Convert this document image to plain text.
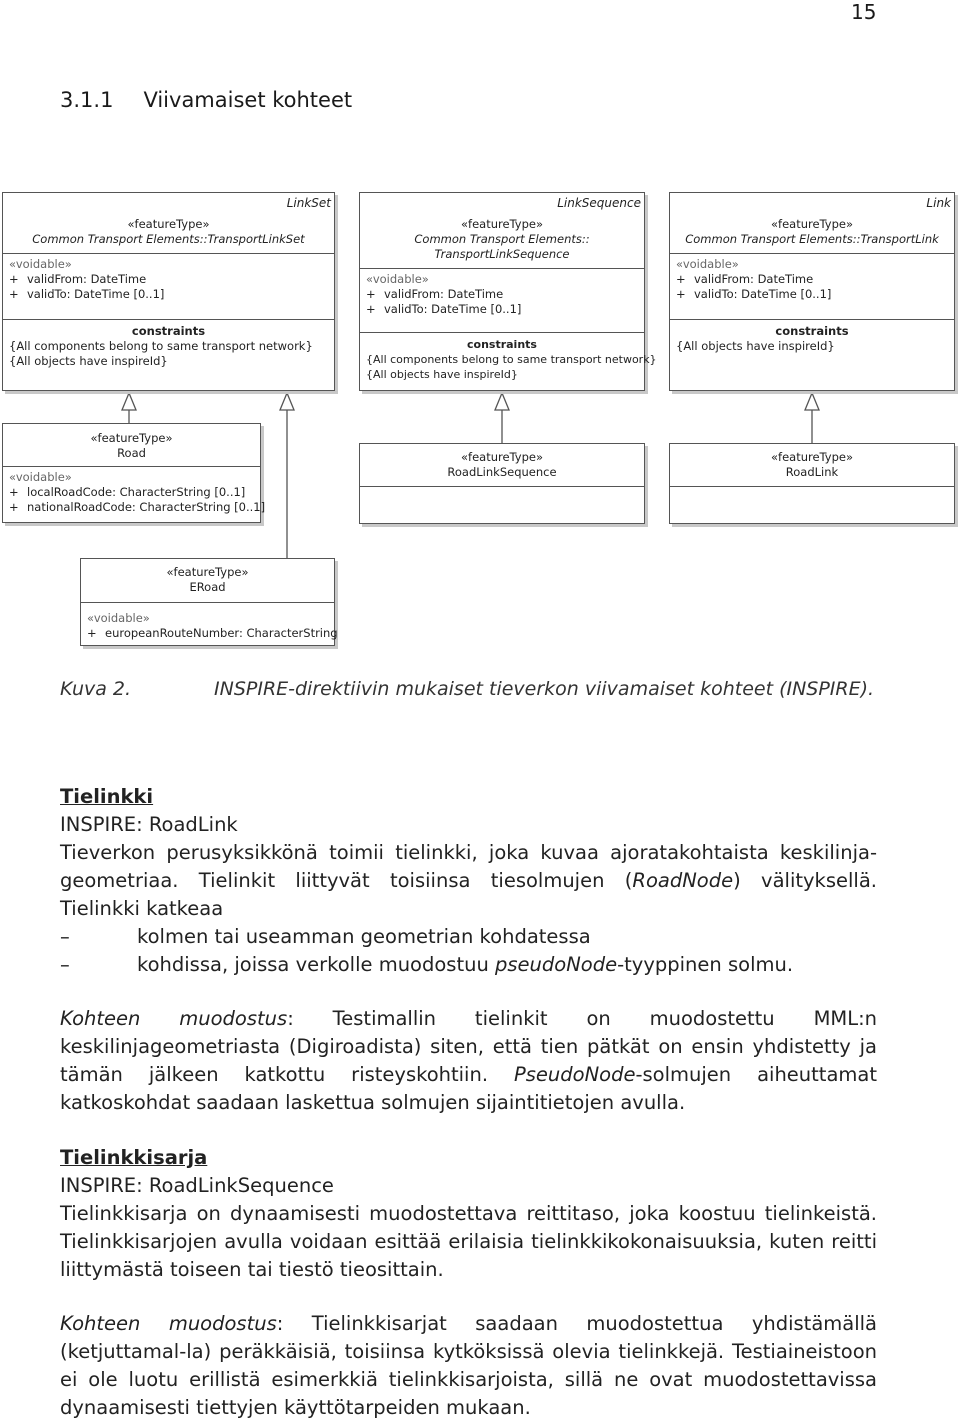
15
3.1.1 Viivamaiset kohteet
LinkSet
«featureType»
Common Transport Elements::TransportLinkSet
«voidable»
+ validFrom: DateTime
+ validTo: DateTime [0..1]
constraints
{All components belong to same transport network}
{All objects have inspireId}
LinkSequence
«featureType»
Common Transport Elements::
TransportLinkSequence
«voidable»
+ validFrom: DateTime
+ validTo: DateTime [0..1]
constraints
{All components belong to same transport network}
{All objects have inspireId}
Link
«featureType»
Common Transport Elements::TransportLink
«voidable»
+ validFrom: DateTime
+ validTo: DateTime [0..1]
constraints
{All objects have inspireId}
«featureType»
Road
«voidable»
+ localRoadCode: CharacterString [0..1]
+ nationalRoadCode: CharacterString [0..1]
«featureType»
RoadLinkSequence
«featureType»
RoadLink
«featureType»
ERoad
«voidable»
+ europeanRouteNumber: CharacterString
Kuva 2.	INSPIRE-direktiivin mukaiset tieverkon viivamaiset kohteet (INSPIRE).
Tielinkki
INSPIRE: RoadLink
Tieverkon perusyksikkönä toimii tielinkki, joka kuvaa ajoratakohtaista keskilinja-geometriaa. Tielinkit liittyvät toisiinsa tiesolmujen (RoadNode) välityksellä. Tielinkki katkeaa
–	kolmen tai useamman geometrian kohdatessa
–	kohdissa, joissa verkolle muodostuu pseudoNode-tyyppinen solmu.
Kohteen muodostus: Testimallin tielinkit on muodostettu MML:n keskilinjageometriasta (Digiroadista) siten, että tien pätkät on ensin yhdistetty ja tämän jälkeen katkottu risteyskohtiin. PseudoNode-solmujen aiheuttamat katkoskohdat saadaan laskettua solmujen sijaintitietojen avulla.
Tielinkkisarja
INSPIRE: RoadLinkSequence
Tielinkkisarja on dynaamisesti muodostettava reittitaso, joka koostuu tielinkeistä. Tielinkkisarjojen avulla voidaan esittää erilaisia tielinkkikokonaisuuksia, kuten reitti liittymästä toiseen tai tiestö tieosittain.
Kohteen muodostus: Tielinkkisarjat saadaan muodostettua yhdistämällä (ketjuttamal-la) peräkkäisiä, toisiinsa kytköksissä olevia tielinkkejä. Testiaineistoon ei ole luotu erillistä esimerkkiä tielinkkisarjoista, sillä ne ovat muodostettavissa dynaamisesti tiettyjen käyttötarpeiden mukaan.
